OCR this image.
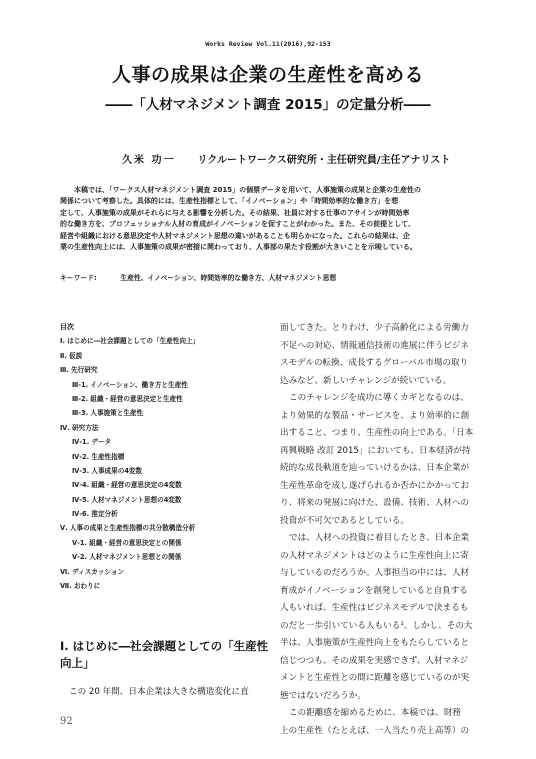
Works Review Vol.11(2016),92-153
人事の成果は企業の生産性を高める
――「人材マネジメント調査 2015」の定量分析――
久米 功一 リクルートワークス研究所・主任研究員/主任アナリスト
本稿では、「ワークス人材マネジメント調査 2015」の個票データを用いて、人事施策の成果と企業の生産性の
関係について考察した。具体的には、生産性指標として、「イノベーション」や「時間効率的な働き方」を想
定して、人事施策の成果がそれらに与える影響を分析した。その結果、社員に対する仕事のアサインが時間効率
的な働き方を、プロフェッショナル人材の育成がイノベーションを促すことがわかった。また、その前提として、
経営や組織における意思決定や人材マネジメント思想の違いがあることも明らかになった。これらの結果は、企
業の生産性向上には、人事施策の成果が密接に関わっており、人事部の果たす役割が大きいことを示唆している。
キーワード:	生産性、イノベーション、時間効率的な働き方、人材マネジメント思想
目次
Ⅰ. はじめに―社会課題としての「生産性向上」
Ⅱ. 仮説
Ⅲ. 先行研究
Ⅲ-1. イノベーション、働き方と生産性
Ⅲ-2. 組織・経営の意思決定と生産性
Ⅲ-3. 人事施策と生産性
Ⅳ. 研究方法
Ⅳ-1. データ
Ⅳ-2. 生産性指標
Ⅳ-3. 人事成果の4変数
Ⅳ-4. 組織・経営の意思決定の4変数
Ⅳ-5. 人材マネジメント思想の4変数
Ⅳ-6. 推定分析
Ⅴ. 人事の成果と生産性指標の共分散構造分析
Ⅴ-1. 組織・経営の意思決定との関係
Ⅴ-2. 人材マネジメント思想との関係
Ⅵ. ディスカッション
Ⅶ. おわりに
Ⅰ. はじめに―社会課題としての「生産性
向上」
この 20 年間、日本企業は大きな構造変化に直
面してきた。とりわけ、少子高齢化による労働力
不足への対応、情報通信技術の進展に伴うビジネ
スモデルの転換、成長するグローバル市場の取り
込みなど、新しいチャレンジが続いている。
このチャレンジを成功に導くカギとなるのは、
より効果的な製品・サービスを、より効率的に創
出すること、つまり、生産性の向上である。「日本
再興戦略 改訂 2015」においても、日本経済が持
続的な成長軌道を辿っていけるかは、日本企業が
生産性革命を成し遂げられるか否かにかかってお
り、将来の発展に向けた、設備、技術、人材への
投資が不可欠であるとしている。
では、人材への投資に着目したとき、日本企業
の人材マネジメントはどのように生産性向上に寄
与しているのだろうか。人事担当の中には、人材
育成がイノベーションを創発していると自負する
人もいれば、生産性はビジネスモデルで決まるも
のだと一歩引いている人もいる¹。しかし、その大
半は、人事施策が生産性向上をもたらしていると
信じつつも、その成果を実感できず、人材マネジ
メントと生産性との間に距離を感じているのが実
態ではないだろうか。
この距離感を縮めるために、本稿では、財務
上の生産性（たとえば、一人当たり売上高等）の
92
